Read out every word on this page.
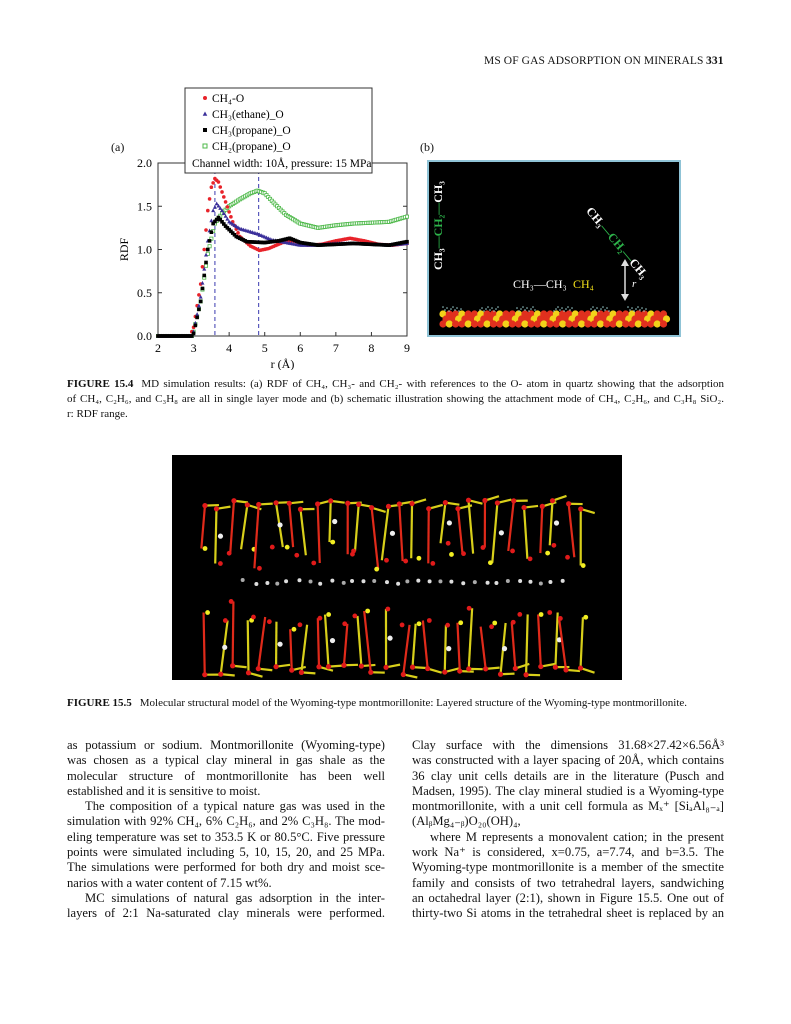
MS OF GAS ADSORPTION ON MINERALS 331
(a)	(b)
2 3 4 5 6 7 8 9
0.0
0.5
1.0
1.5
2.0
r (Å)
RDF
CH₄-O
CH₃(ethane)_O
CH₃(propane)_O
CH₂(propane)_O
Channel width: 10Å, pressure: 15 MPa
CH₃—CH₂—CH₃
CH₃—CH₂—CH₃
CH₃—CH₃ CH₄	r
FIGURE 15.4 MD simulation results: (a) RDF of CH₄, CH₃- and CH₂- with references to the O- atom in quartz showing that the adsorption
of CH₄, C₂H₆, and C₃H₈ are all in single layer mode and (b) schematic illustration showing the attachment mode of CH₄, C₂H₆, and C₃H₈ SiO₂.
r: RDF range.
FIGURE 15.5 Molecular structural model of the Wyoming-type montmorillonite: Layered structure of the Wyoming-type montmorillonite.
as potassium or sodium. Montmorillonite (Wyoming-type)
was chosen as a typical clay mineral in gas shale as the
molecular structure of montmorillonite has been well
established and it is sensitive to moist.
The composition of a typical nature gas was used in the
simulation with 92% CH₄, 6% C₂H₆, and 2% C₃H₈. The mod-
eling temperature was set to 353.5 K or 80.5°C. Five pressure
points were simulated including 5, 10, 15, 20, and 25 MPa.
The simulations were performed for both dry and moist sce-
narios with a water content of 7.15 wt%.
MC simulations of natural gas adsorption in the inter-
layers of 2:1 Na-saturated clay minerals were performed.
Clay surface with the dimensions 31.68×27.42×6.56Å³
was constructed with a layer spacing of 20Å, which contains
36 clay unit cells details are in the literature (Pusch and
Madsen, 1995). The clay mineral studied is a Wyoming-type
montmorillonite, with a unit cell formula as Mₓ⁺ [SiₐAl₈₋ₐ]
(AlᵦMg₄₋ᵦ)O₂₀(OH)₄,
where M represents a monovalent cation; in the present
work Na⁺ is considered, x=0.75, a=7.74, and b=3.5. The
Wyoming-type montmorillonite is a member of the smectite
family and consists of two tetrahedral layers, sandwiching
an octahedral layer (2:1), shown in Figure 15.5. One out of
thirty-two Si atoms in the tetrahedral sheet is replaced by an
